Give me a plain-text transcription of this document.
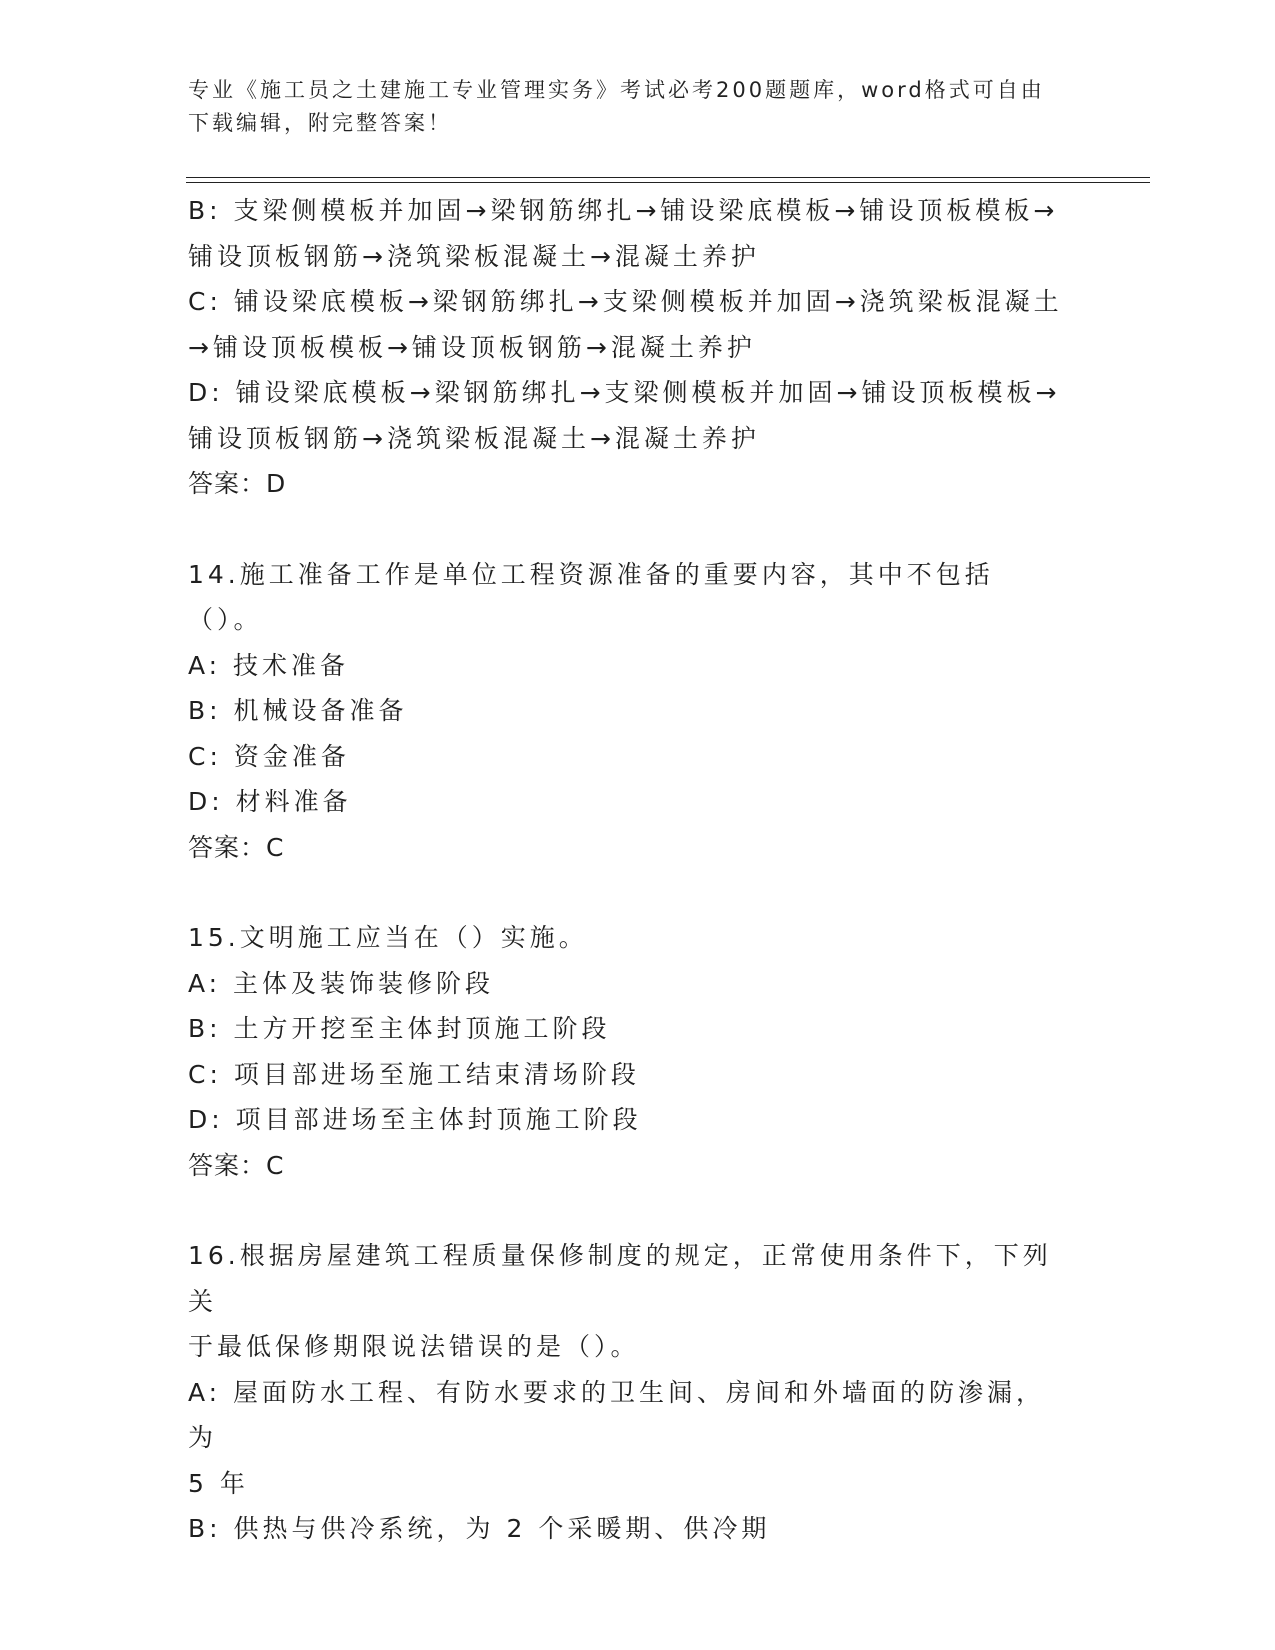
专业《施工员之土建施工专业管理实务》考试必考200题题库，word格式可自由
下载编辑，附完整答案！

B: 支梁侧模板并加固→梁钢筋绑扎→铺设梁底模板→铺设顶板模板→

铺设顶板钢筋→浇筑梁板混凝土→混凝土养护

C: 铺设梁底模板→梁钢筋绑扎→支梁侧模板并加固→浇筑梁板混凝土

→铺设顶板模板→铺设顶板钢筋→混凝土养护

D: 铺设梁底模板→梁钢筋绑扎→支梁侧模板并加固→铺设顶板模板→

铺设顶板钢筋→浇筑梁板混凝土→混凝土养护

答案：D

14.施工准备工作是单位工程资源准备的重要内容，其中不包括（）。

A: 技术准备

B: 机械设备准备

C: 资金准备

D: 材料准备

答案：C

15.文明施工应当在（）实施。

A: 主体及装饰装修阶段

B: 土方开挖至主体封顶施工阶段

C: 项目部进场至施工结束清场阶段

D: 项目部进场至主体封顶施工阶段

答案：C

16.根据房屋建筑工程质量保修制度的规定，正常使用条件下，下列关

于最低保修期限说法错误的是（）。

A: 屋面防水工程、有防水要求的卫生间、房间和外墙面的防渗漏，为

5 年

B: 供热与供冷系统，为 2 个采暖期、供冷期
